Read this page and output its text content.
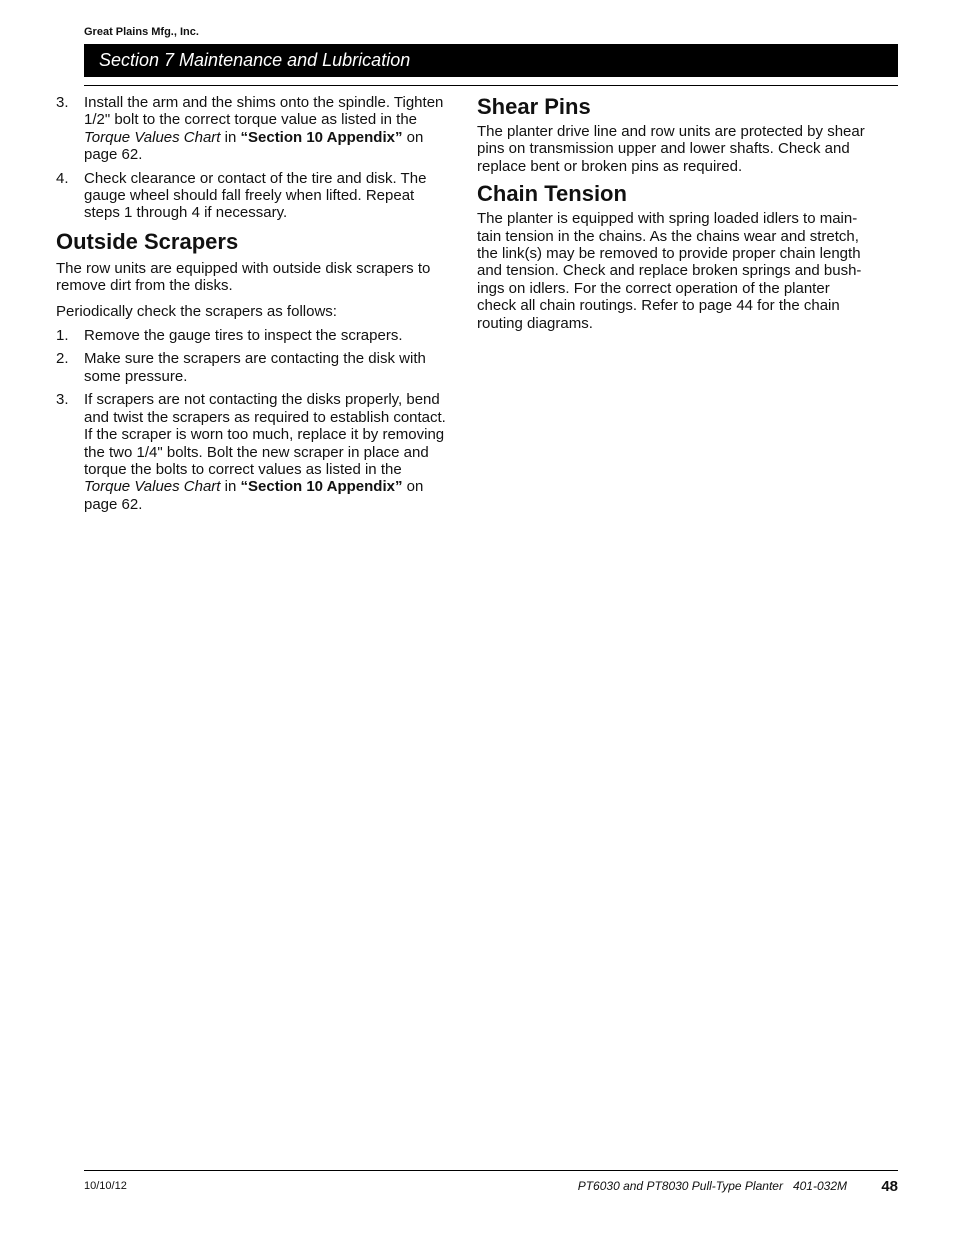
Great Plains Mfg., Inc.
Section 7 Maintenance and Lubrication
3. Install the arm and the shims onto the spindle. Tighten 1/2" bolt to the correct torque value as listed in the Torque Values Chart in “Section 10 Appendix” on page 62.
4. Check clearance or contact of the tire and disk. The gauge wheel should fall freely when lifted. Repeat steps 1 through 4 if necessary.
Outside Scrapers

The row units are equipped with outside disk scrapers to remove dirt from the disks.

Periodically check the scrapers as follows:

1. Remove the gauge tires to inspect the scrapers.
2. Make sure the scrapers are contacting the disk with some pressure.
3. If scrapers are not contacting the disks properly, bend and twist the scrapers as required to establish contact. If the scraper is worn too much, replace it by removing the two 1/4" bolts. Bolt the new scraper in place and torque the bolts to correct values as listed in the Torque Values Chart in “Section 10 Appendix” on page 62.
Shear Pins

The planter drive line and row units are protected by shear pins on transmission upper and lower shafts. Check and replace bent or broken pins as required.

Chain Tension

The planter is equipped with spring loaded idlers to maintain tension in the chains. As the chains wear and stretch, the link(s) may be removed to provide proper chain length and tension. Check and replace broken springs and bushings on idlers. For the correct operation of the planter check all chain routings. Refer to page 44 for the chain routing diagrams.

10/10/12	PT6030 and PT8030 Pull-Type Planter   401-032M 48
